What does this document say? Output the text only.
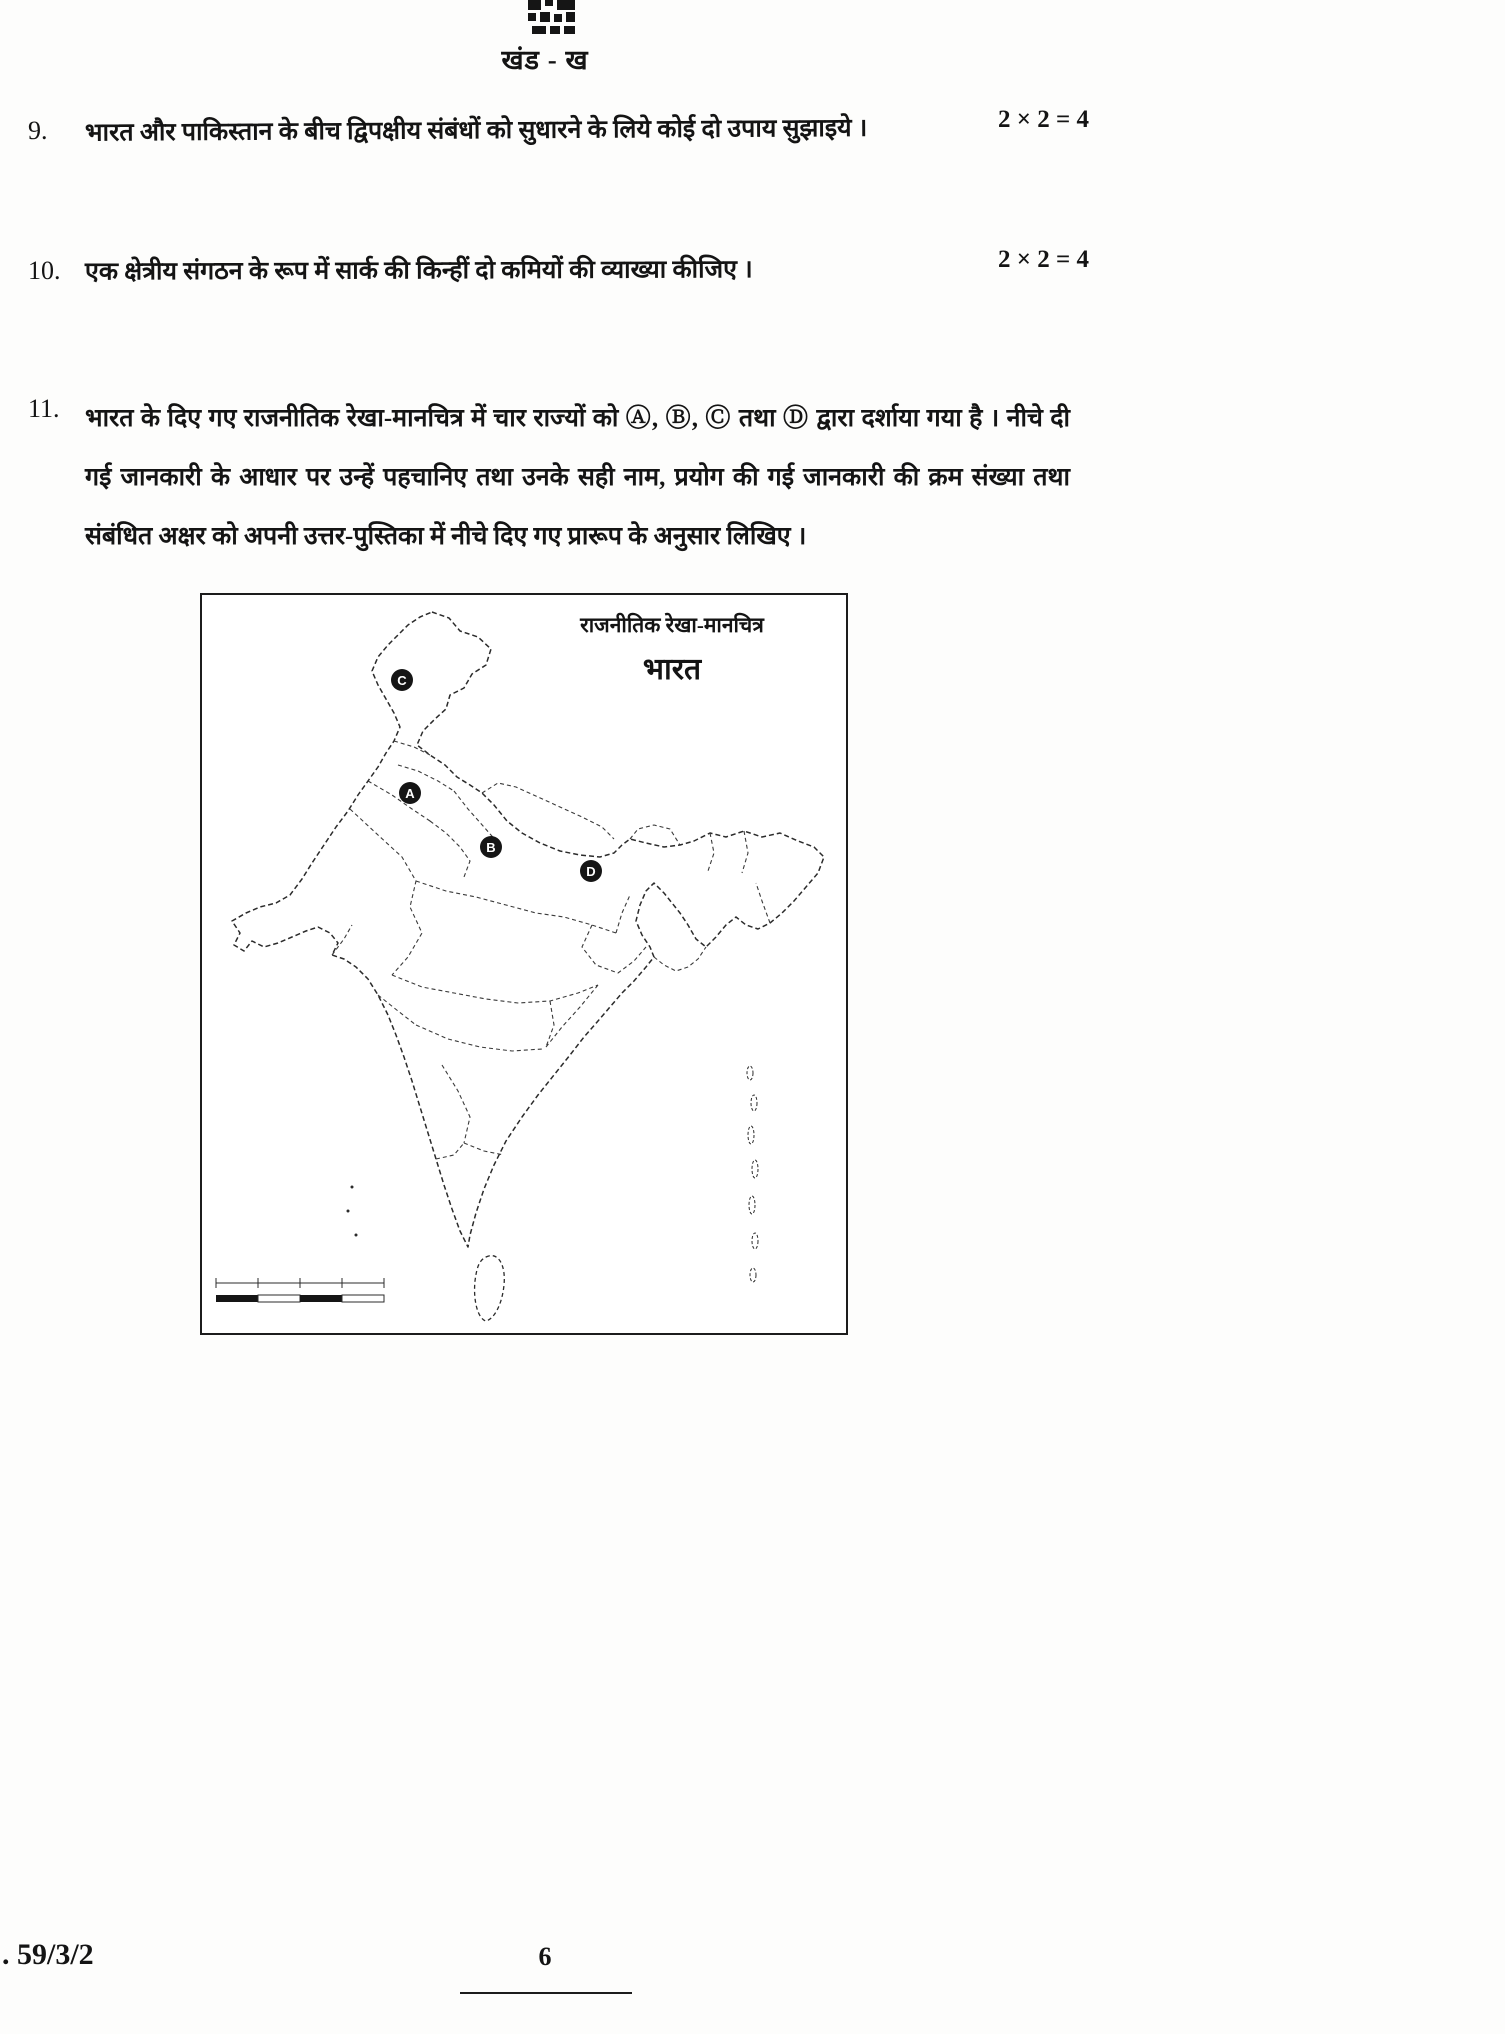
खंड - ख
9. भारत और पाकिस्तान के बीच द्विपक्षीय संबंधों को सुधारने के लिये कोई दो उपाय सुझाइये ।	2 × 2 = 4
10. एक क्षेत्रीय संगठन के रूप में सार्क की किन्हीं दो कमियों की व्याख्या कीजिए ।	2 × 2 = 4
11. भारत के दिए गए राजनीतिक रेखा-मानचित्र में चार राज्यों को Ⓐ, Ⓑ, Ⓒ तथा Ⓓ द्वारा दर्शाया गया है । नीचे दी गई जानकारी के आधार पर उन्हें पहचानिए तथा उनके सही नाम, प्रयोग की गई जानकारी की क्रम संख्या तथा संबंधित अक्षर को अपनी उत्तर-पुस्तिका में नीचे दिए गए प्रारूप के अनुसार लिखिए ।

राजनीतिक रेखा-मानचित्र
भारत
C
A
B
D
. 59/3/2	6
